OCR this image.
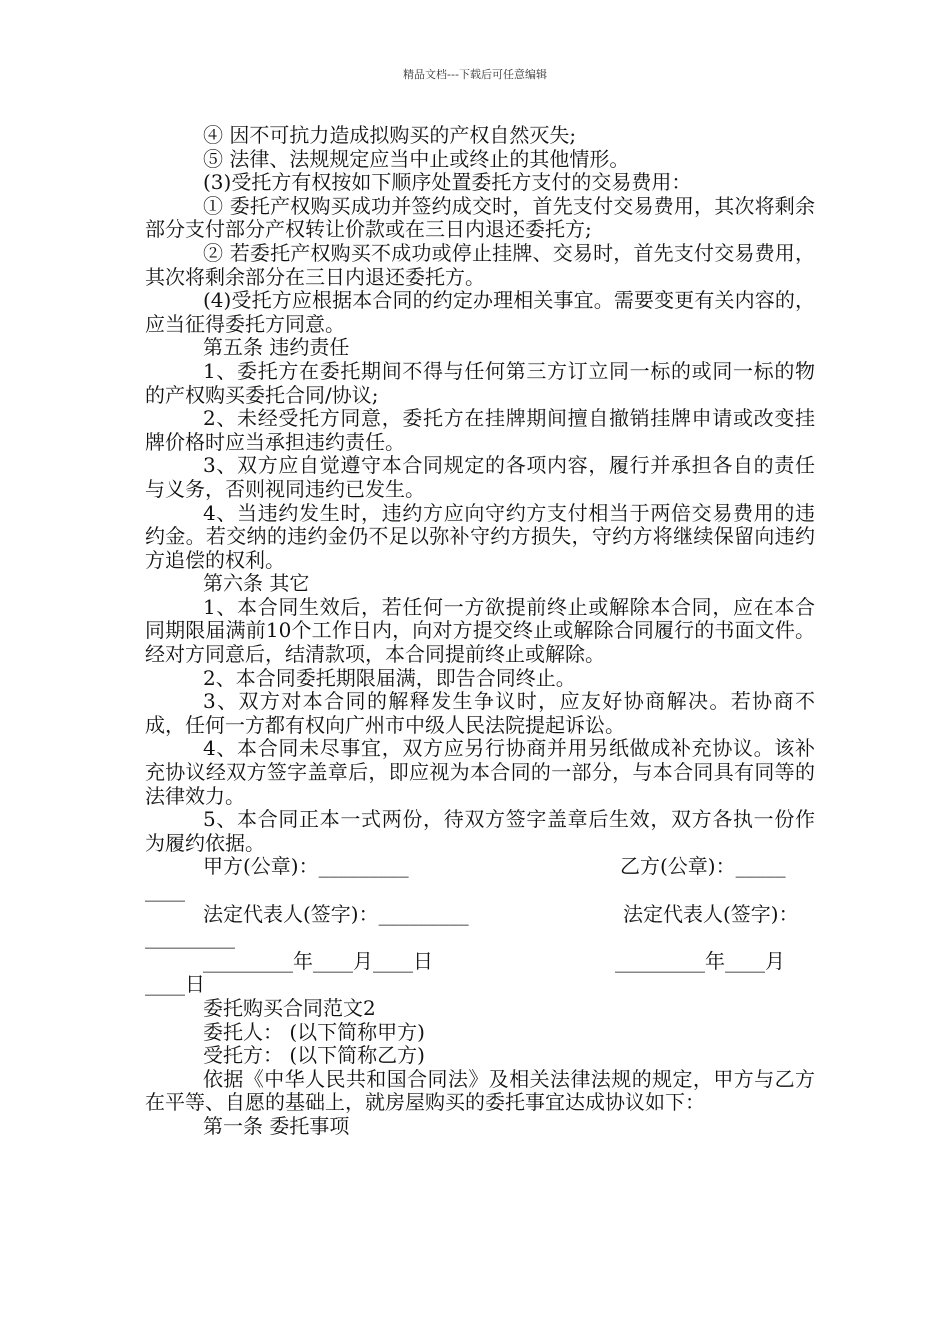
精品文档---下载后可任意编辑

④ 因不可抗力造成拟购买的产权自然灭失;

⑤ 法律、法规规定应当中止或终止的其他情形。

(3)受托方有权按如下顺序处置委托方支付的交易费用：

① 委托产权购买成功并签约成交时，首先支付交易费用，其次将剩余部分支付部分产权转让价款或在三日内退还委托方;

② 若委托产权购买不成功或停止挂牌、交易时，首先支付交易费用，其次将剩余部分在三日内退还委托方。

(4)受托方应根据本合同的约定办理相关事宜。需要变更有关内容的，应当征得委托方同意。

第五条 违约责任

1、委托方在委托期间不得与任何第三方订立同一标的或同一标的物的产权购买委托合同/协议;

2、未经受托方同意，委托方在挂牌期间擅自撤销挂牌申请或改变挂牌价格时应当承担违约责任。

3、双方应自觉遵守本合同规定的各项内容，履行并承担各自的责任与义务，否则视同违约已发生。

4、当违约发生时，违约方应向守约方支付相当于两倍交易费用的违约金。若交纳的违约金仍不足以弥补守约方损失，守约方将继续保留向违约方追偿的权利。

第六条 其它

1、本合同生效后，若任何一方欲提前终止或解除本合同，应在本合同期限届满前10个工作日内，向对方提交终止或解除合同履行的书面文件。经对方同意后，结清款项，本合同提前终止或解除。

2、本合同委托期限届满，即告合同终止。

3、双方对本合同的解释发生争议时，应友好协商解决。若协商不成，任何一方都有权向广州市中级人民法院提起诉讼。

4、本合同未尽事宜，双方应另行协商并用另纸做成补充协议。该补充协议经双方签字盖章后，即应视为本合同的一部分，与本合同具有同等的法律效力。

5、本合同正本一式两份，待双方签字盖章后生效，双方各执一份作为履约依据。

甲方(公章)：_________	乙方(公章)：_____
____
法定代表人(签字)：_________	法定代表人(签字)：
_________
_________年____月____日	_________年____月
____日

委托购买合同范文2

委托人： (以下简称甲方)

受托方： (以下简称乙方)

依据《中华人民共和国合同法》及相关法律法规的规定，甲方与乙方在平等、自愿的基础上，就房屋购买的委托事宜达成协议如下：

第一条 委托事项
